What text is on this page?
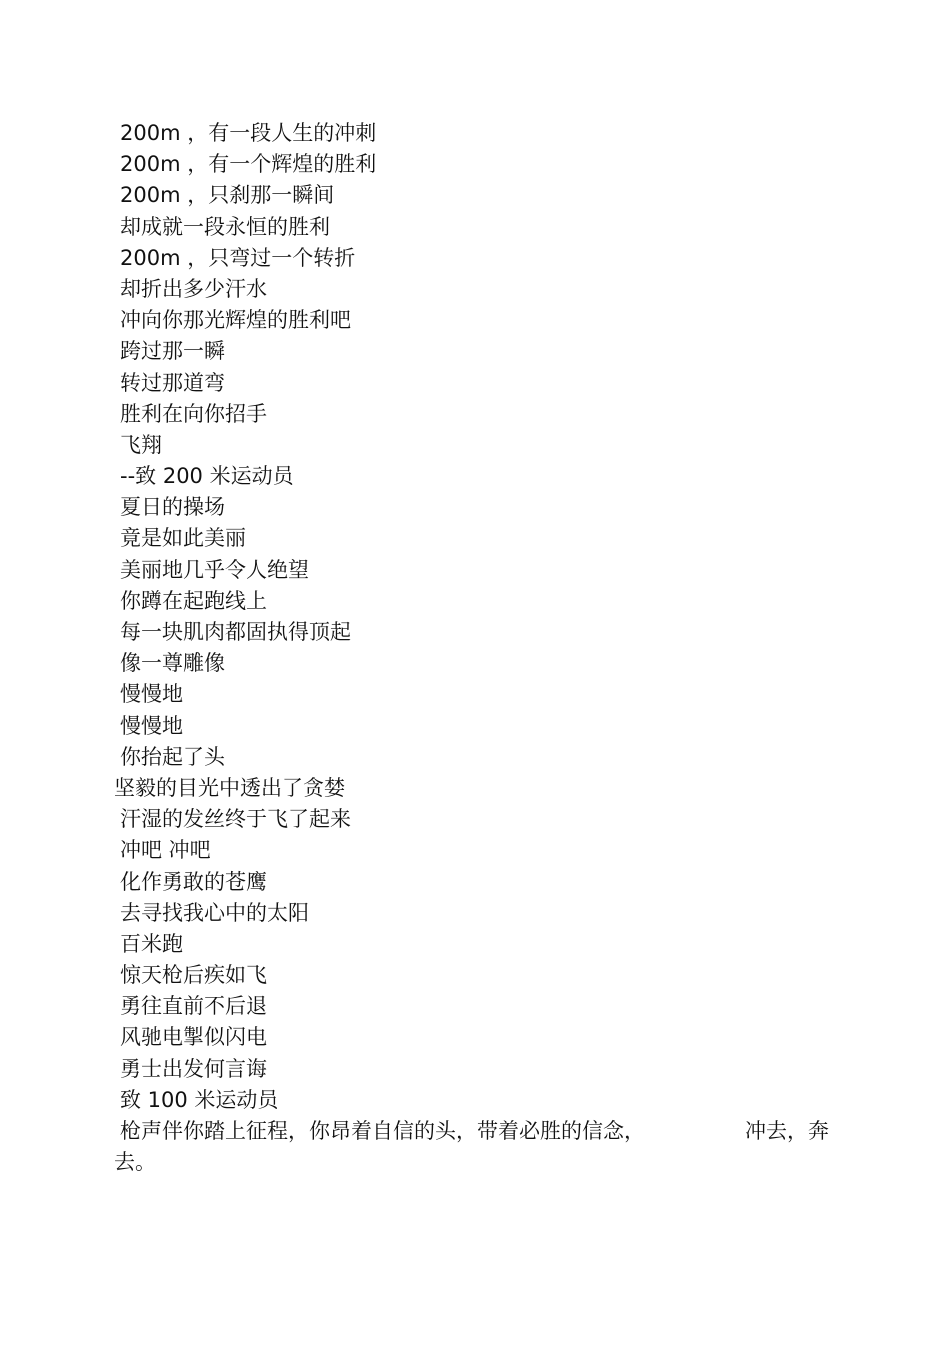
200m ，有一段人生的冲刺
200m ，有一个辉煌的胜利
200m ，只刹那一瞬间
却成就一段永恒的胜利
200m ，只弯过一个转折
却折出多少汗水
冲向你那光辉煌的胜利吧
跨过那一瞬
转过那道弯
胜利在向你招手
飞翔
--致 200 米运动员
夏日的操场
竟是如此美丽
美丽地几乎令人绝望
你蹲在起跑线上
每一块肌肉都固执得顶起
像一尊雕像
慢慢地
慢慢地
你抬起了头
坚毅的目光中透出了贪婪
汗湿的发丝终于飞了起来
冲吧 冲吧
化作勇敢的苍鹰
去寻找我心中的太阳
百米跑
惊天枪后疾如飞
勇往直前不后退
风驰电掣似闪电
勇士出发何言诲
致 100 米运动员
枪声伴你踏上征程，你昂着自信的头，带着必胜的信念，	冲去，奔
去。
